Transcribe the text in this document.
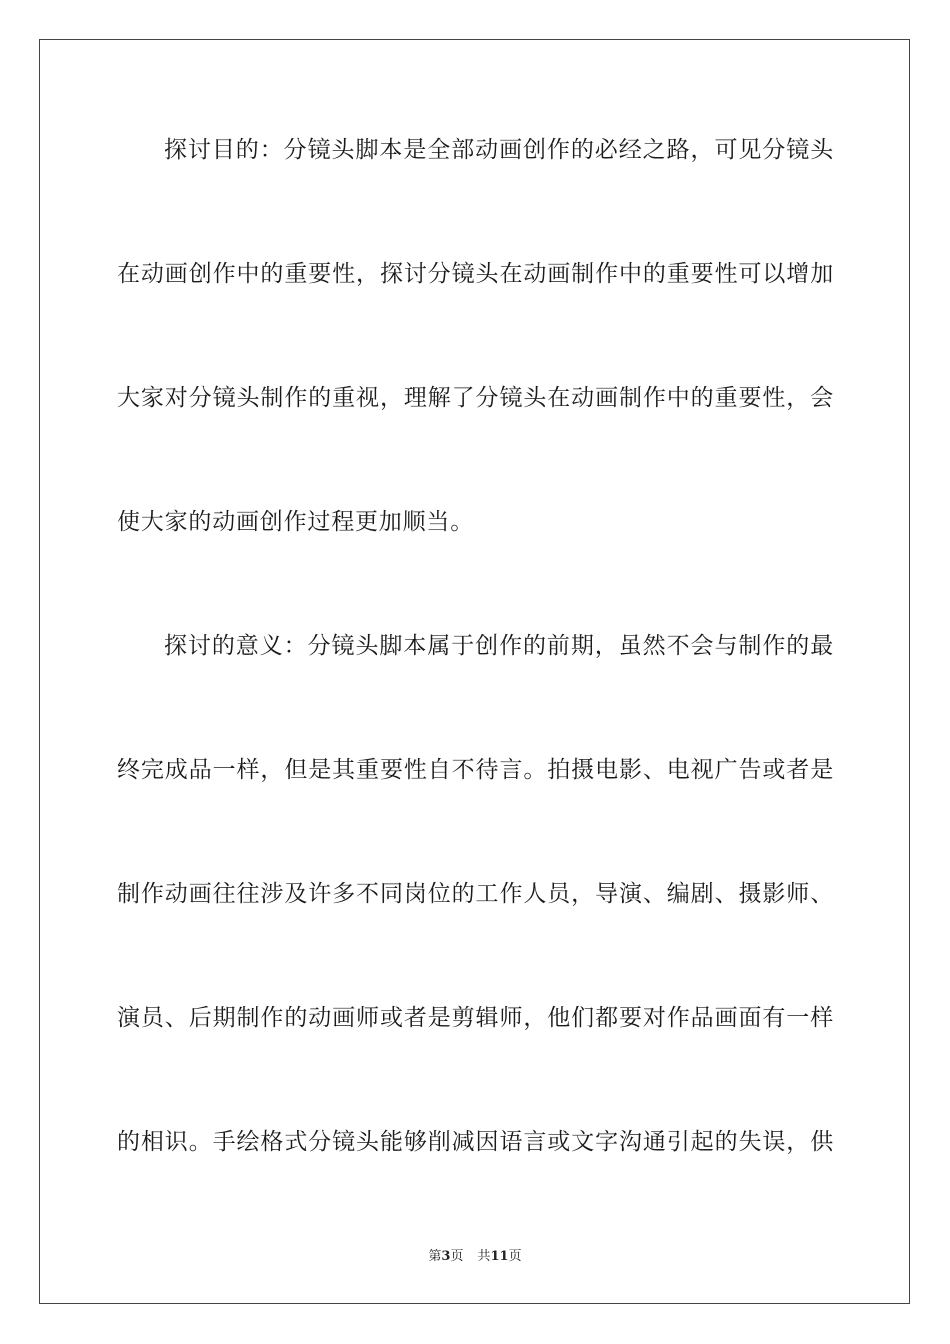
探讨目的：分镜头脚本是全部动画创作的必经之路，可见分镜头
在动画创作中的重要性，探讨分镜头在动画制作中的重要性可以增加
大家对分镜头制作的重视，理解了分镜头在动画制作中的重要性，会
使大家的动画创作过程更加顺当。
探讨的意义：分镜头脚本属于创作的前期，虽然不会与制作的最
终完成品一样，但是其重要性自不待言。拍摄电影、电视广告或者是
制作动画往往涉及许多不同岗位的工作人员，导演、编剧、摄影师、
演员、后期制作的动画师或者是剪辑师，他们都要对作品画面有一样
的相识。手绘格式分镜头能够削减因语言或文字沟通引起的失误，供
第3页 共11页
